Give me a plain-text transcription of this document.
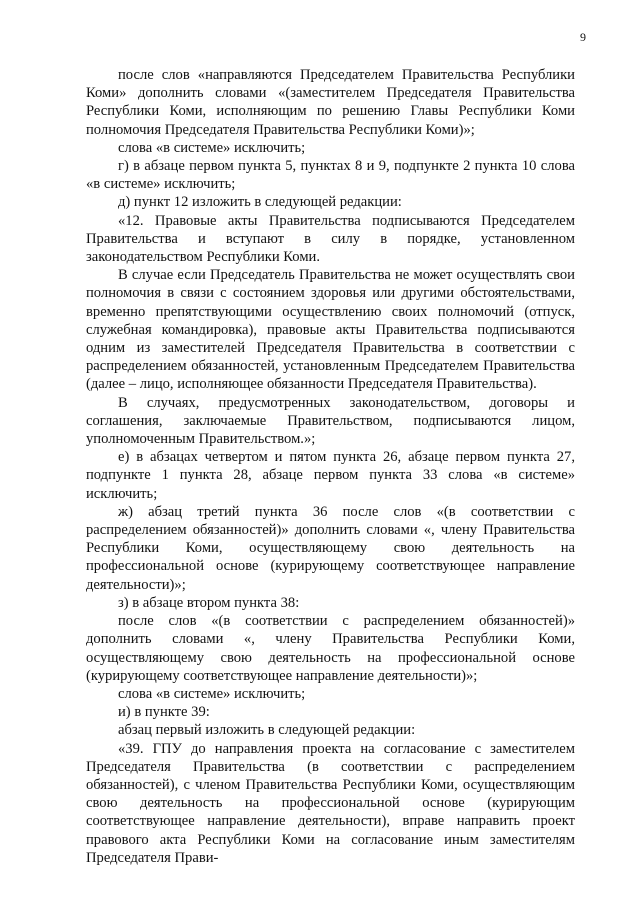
9

после слов «направляются Председателем Правительства Республики Коми» дополнить словами «(заместителем Председателя Правительства Республики Коми, исполняющим по решению Главы Республики Коми полномочия Председателя Правительства Республики Коми)»;

слова «в системе» исключить;

г) в абзаце первом пункта 5, пунктах 8 и 9, подпункте 2 пункта 10 слова «в системе» исключить;

д) пункт 12 изложить в следующей редакции:

«12. Правовые акты Правительства подписываются Председателем Правительства и вступают в силу в порядке, установленном законодательством Республики Коми.

В случае если Председатель Правительства не может осуществлять свои полномочия в связи с состоянием здоровья или другими обстоятельствами, временно препятствующими осуществлению своих полномочий (отпуск, служебная командировка), правовые акты Правительства подписываются одним из заместителей Председателя Правительства в соответствии с распределением обязанностей, установленным Председателем Правительства (далее – лицо, исполняющее обязанности Председателя Правительства).

В случаях, предусмотренных законодательством, договоры и соглашения, заключаемые Правительством, подписываются лицом, уполномоченным Правительством.»;

е) в абзацах четвертом и пятом пункта 26, абзаце первом пункта 27, подпункте 1 пункта 28, абзаце первом пункта 33 слова «в системе» исключить;

ж) абзац третий пункта 36 после слов «(в соответствии с распределением обязанностей)» дополнить словами «, члену Правительства Республики Коми, осуществляющему свою деятельность на профессиональной основе (курирующему соответствующее направление деятельности)»;

з) в абзаце втором пункта 38:

после слов «(в соответствии с распределением обязанностей)» дополнить словами «, члену Правительства Республики Коми, осуществляющему свою деятельность на профессиональной основе (курирующему соответствующее направление деятельности)»;

слова «в системе» исключить;

и) в пункте 39:

абзац первый изложить в следующей редакции:

«39. ГПУ до направления проекта на согласование с заместителем Председателя Правительства (в соответствии с распределением обязанностей), с членом Правительства Республики Коми, осуществляющим свою деятельность на профессиональной основе (курирующим соответствующее направление деятельности), вправе направить проект правового акта Республики Коми на согласование иным заместителям Председателя Прави-
